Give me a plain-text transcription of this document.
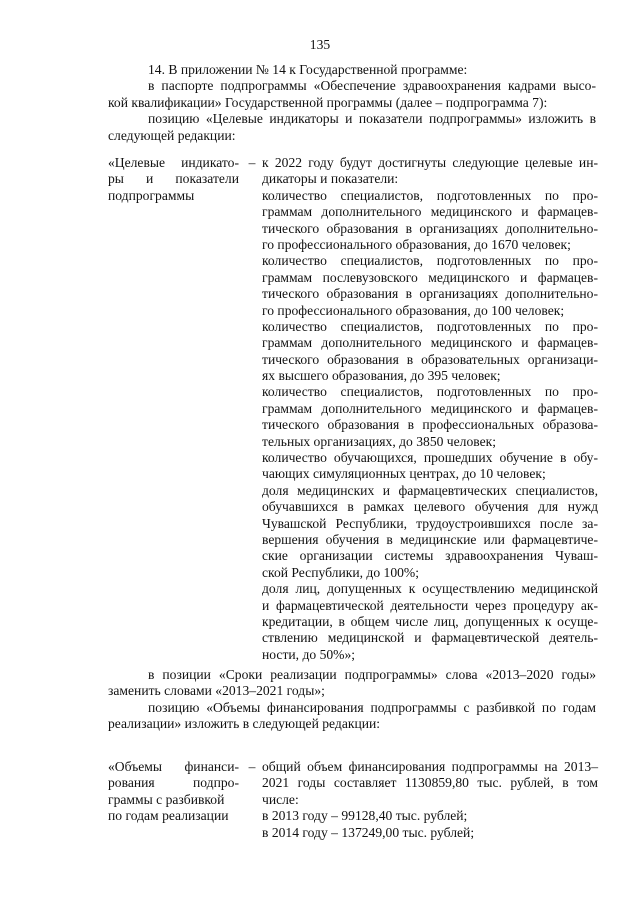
135
14. В приложении № 14 к Государственной программе:
в паспорте подпрограммы «Обеспечение здравоохранения кадрами высо-
кой квалификации» Государственной программы (далее – подпрограмма 7):
позицию «Целевые индикаторы и показатели подпрограммы» изложить в
следующей редакции:
«Целевые индикато-
ры и показатели
подпрограммы
– к 2022 году будут достигнуты следующие целевые ин-
дикаторы и показатели:
количество специалистов, подготовленных по про-
граммам дополнительного медицинского и фармацев-
тического образования в организациях дополнительно-
го профессионального образования, до 1670 человек;
количество специалистов, подготовленных по про-
граммам послевузовского медицинского и фармацев-
тического образования в организациях дополнительно-
го профессионального образования, до 100 человек;
количество специалистов, подготовленных по про-
граммам дополнительного медицинского и фармацев-
тического образования в образовательных организаци-
ях высшего образования, до 395 человек;
количество специалистов, подготовленных по про-
граммам дополнительного медицинского и фармацев-
тического образования в профессиональных образова-
тельных организациях, до 3850 человек;
количество обучающихся, прошедших обучение в обу-
чающих симуляционных центрах, до 10 человек;
доля медицинских и фармацевтических специалистов,
обучавшихся в рамках целевого обучения для нужд
Чувашской Республики, трудоустроившихся после за-
вершения обучения в медицинские или фармацевтиче-
ские организации системы здравоохранения Чуваш-
ской Республики, до 100%;
доля лиц, допущенных к осуществлению медицинской
и фармацевтической деятельности через процедуру ак-
кредитации, в общем числе лиц, допущенных к осуще-
ствлению медицинской и фармацевтической деятель-
ности, до 50%»;
в позиции «Сроки реализации подпрограммы» слова «2013–2020 годы»
заменить словами «2013–2021 годы»;
позицию «Объемы финансирования подпрограммы с разбивкой по годам
реализации» изложить в следующей редакции:
«Объемы финанси-
рования подпро-
граммы с разбивкой
по годам реализации
– общий объем финансирования подпрограммы на 2013–
2021 годы составляет 1130859,80 тыс. рублей, в том
числе:
в 2013 году – 99128,40 тыс. рублей;
в 2014 году – 137249,00 тыс. рублей;
